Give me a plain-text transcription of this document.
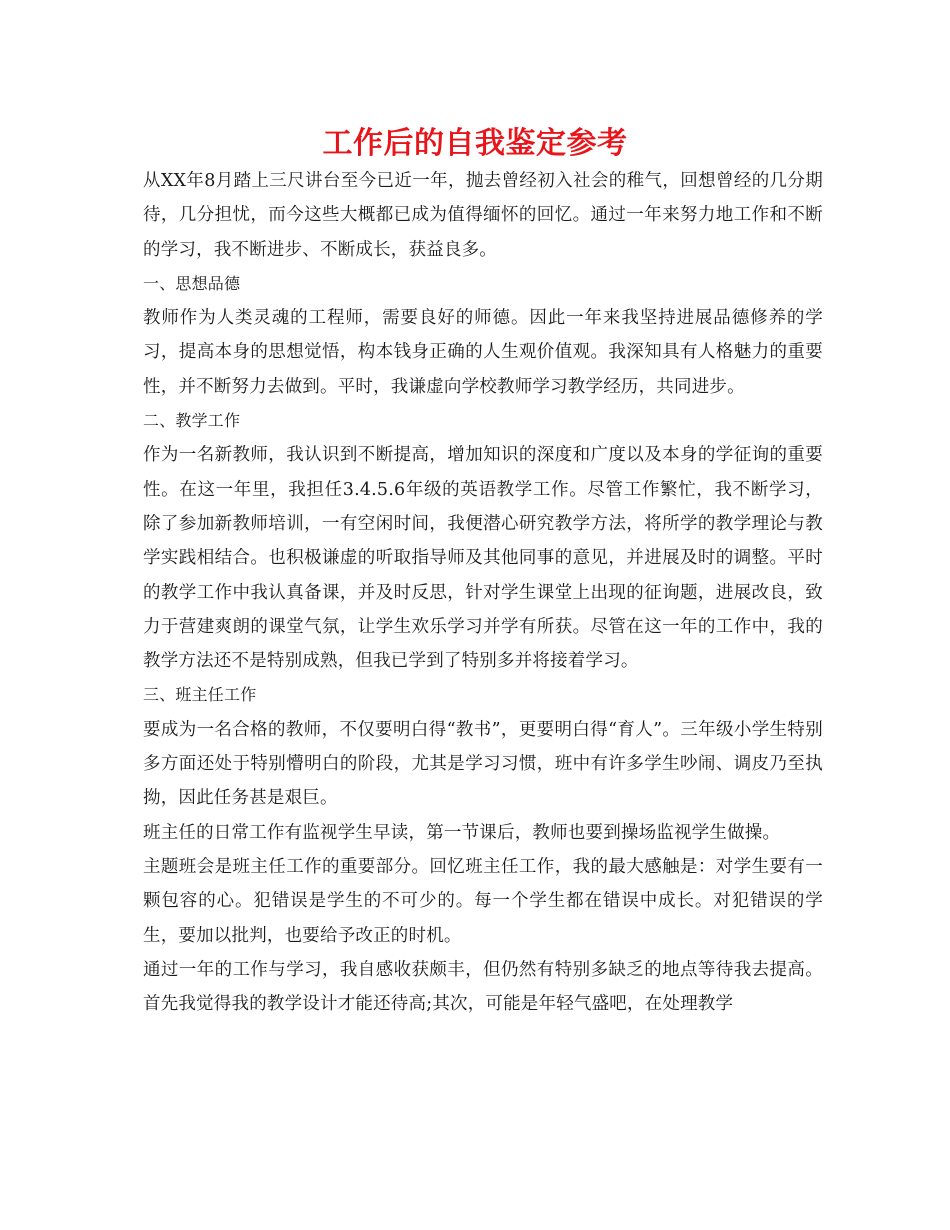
工作后的自我鉴定参考

从XX年8月踏上三尺讲台至今已近一年，抛去曾经初入社会的稚气，回想曾经的几分期待，几分担忧，而今这些大概都已成为值得缅怀的回忆。通过一年来努力地工作和不断的学习，我不断进步、不断成长，获益良多。

一、思想品德

教师作为人类灵魂的工程师，需要良好的师德。因此一年来我坚持进展品德修养的学习，提高本身的思想觉悟，构本钱身正确的人生观价值观。我深知具有人格魅力的重要性，并不断努力去做到。平时，我谦虚向学校教师学习教学经历，共同进步。

二、教学工作

作为一名新教师，我认识到不断提高，增加知识的深度和广度以及本身的学征询的重要性。在这一年里，我担任3.4.5.6年级的英语教学工作。尽管工作繁忙，我不断学习，除了参加新教师培训，一有空闲时间，我便潜心研究教学方法，将所学的教学理论与教学实践相结合。也积极谦虚的听取指导师及其他同事的意见，并进展及时的调整。平时的教学工作中我认真备课，并及时反思，针对学生课堂上出现的征询题，进展改良，致力于营建爽朗的课堂气氛，让学生欢乐学习并学有所获。尽管在这一年的工作中，我的教学方法还不是特别成熟，但我已学到了特别多并将接着学习。

三、班主任工作

要成为一名合格的教师，不仅要明白得“教书”，更要明白得“育人”。三年级小学生特别多方面还处于特别懵明白的阶段，尤其是学习习惯，班中有许多学生吵闹、调皮乃至执拗，因此任务甚是艰巨。

班主任的日常工作有监视学生早读，第一节课后，教师也要到操场监视学生做操。

主题班会是班主任工作的重要部分。回忆班主任工作，我的最大感触是：对学生要有一颗包容的心。犯错误是学生的不可少的。每一个学生都在错误中成长。对犯错误的学生，要加以批判，也要给予改正的时机。

通过一年的工作与学习，我自感收获颇丰，但仍然有特别多缺乏的地点等待我去提高。首先我觉得我的教学设计才能还待高;其次，可能是年轻气盛吧，在处理教学
